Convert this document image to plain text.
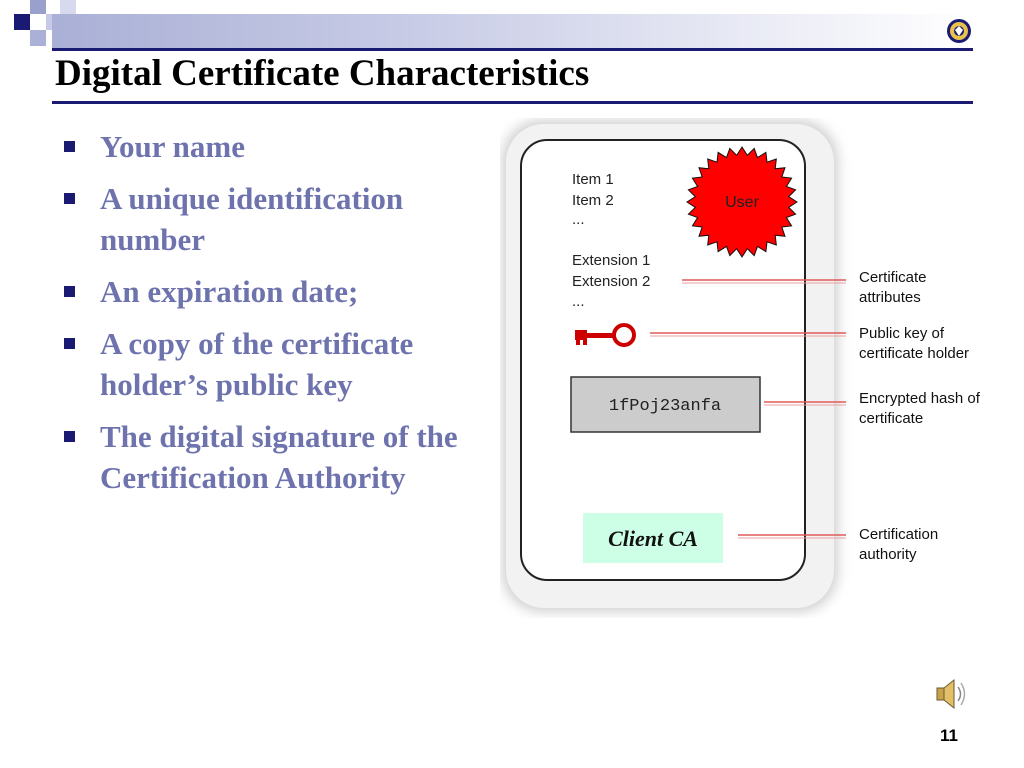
Digital Certificate Characteristics
Your name
A unique identification number
An expiration date;
A copy of the certificate holder’s public key
The digital signature of the Certification Authority
Item 1
Item 2
...
Extension 1
Extension 2
...
User
1fPoj23anfa
Client CA
Certificate
attributes
Public key of
certificate holder
Encrypted hash of
certificate
Certification
authority
11
